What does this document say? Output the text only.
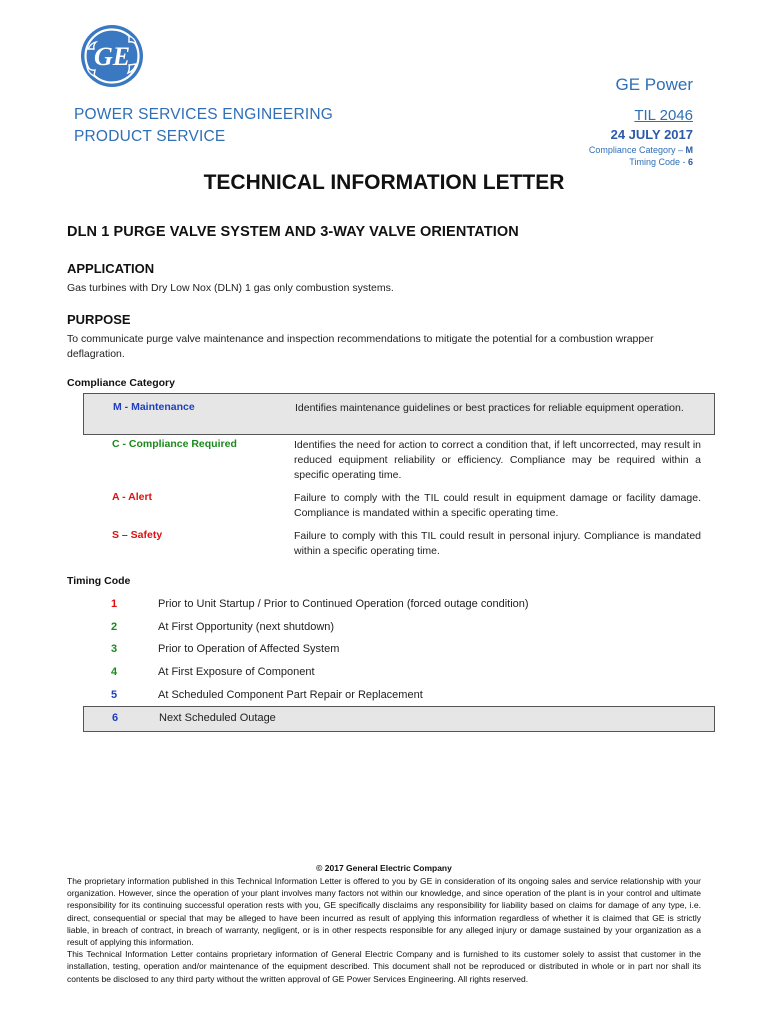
GE
POWER SERVICES ENGINEERING
PRODUCT SERVICE
GE Power
TIL 2046
24 JULY 2017
Compliance Category – M
Timing Code - 6
TECHNICAL INFORMATION LETTER
DLN 1 PURGE VALVE SYSTEM AND 3-WAY VALVE ORIENTATION
APPLICATION
Gas turbines with Dry Low Nox (DLN) 1 gas only combustion systems.
PURPOSE
To communicate purge valve maintenance and inspection recommendations to mitigate the potential for a combustion wrapper deflagration.
Compliance Category
M - Maintenance	Identifies maintenance guidelines or best practices for reliable equipment operation.
C - Compliance Required	Identifies the need for action to correct a condition that, if left uncorrected, may result in reduced equipment reliability or efficiency. Compliance may be required within a specific operating time.
A - Alert	Failure to comply with the TIL could result in equipment damage or facility damage. Compliance is mandated within a specific operating time.
S – Safety	Failure to comply with this TIL could result in personal injury. Compliance is mandated within a specific operating time.
Timing Code
1	Prior to Unit Startup / Prior to Continued Operation (forced outage condition)
2	At First Opportunity (next shutdown)
3	Prior to Operation of Affected System
4	At First Exposure of Component
5	At Scheduled Component Part Repair or Replacement
6	Next Scheduled Outage
© 2017 General Electric Company

The proprietary information published in this Technical Information Letter is offered to you by GE in consideration of its ongoing sales and service relationship with your organization. However, since the operation of your plant involves many factors not within our knowledge, and since operation of the plant is in your control and ultimate responsibility for its continuing successful operation rests with you, GE specifically disclaims any responsibility for liability based on claims for damage of any type, i.e. direct, consequential or special that may be alleged to have been incurred as result of applying this information regardless of whether it is claimed that GE is strictly liable, in breach of contract, in breach of warranty, negligent, or is in other respects responsible for any alleged injury or damage sustained by your organization as a result of applying this information.

This Technical Information Letter contains proprietary information of General Electric Company and is furnished to its customer solely to assist that customer in the installation, testing, operation and/or maintenance of the equipment described. This document shall not be reproduced or distributed in whole or in part nor shall its contents be disclosed to any third party without the written approval of GE Power Services Engineering. All rights reserved.
